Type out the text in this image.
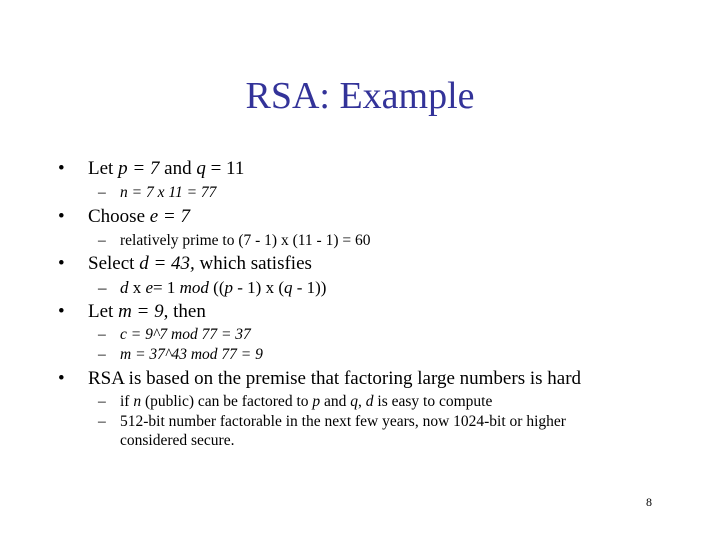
RSA: Example
• Let p = 7 and q = 11
– n = 7 x 11 = 77
• Choose e = 7
– relatively prime to (7 - 1) x (11 - 1) = 60
• Select d = 43, which satisfies
– d x e= 1 mod ((p - 1) x (q - 1))
• Let m = 9, then
– c = 9^7 mod 77 = 37
– m = 37^43 mod 77 = 9
• RSA is based on the premise that factoring large numbers is hard
– if n (public) can be factored to p and q, d is easy to compute
– 512-bit number factorable in the next few years, now 1024-bit or higher
considered secure.
8
